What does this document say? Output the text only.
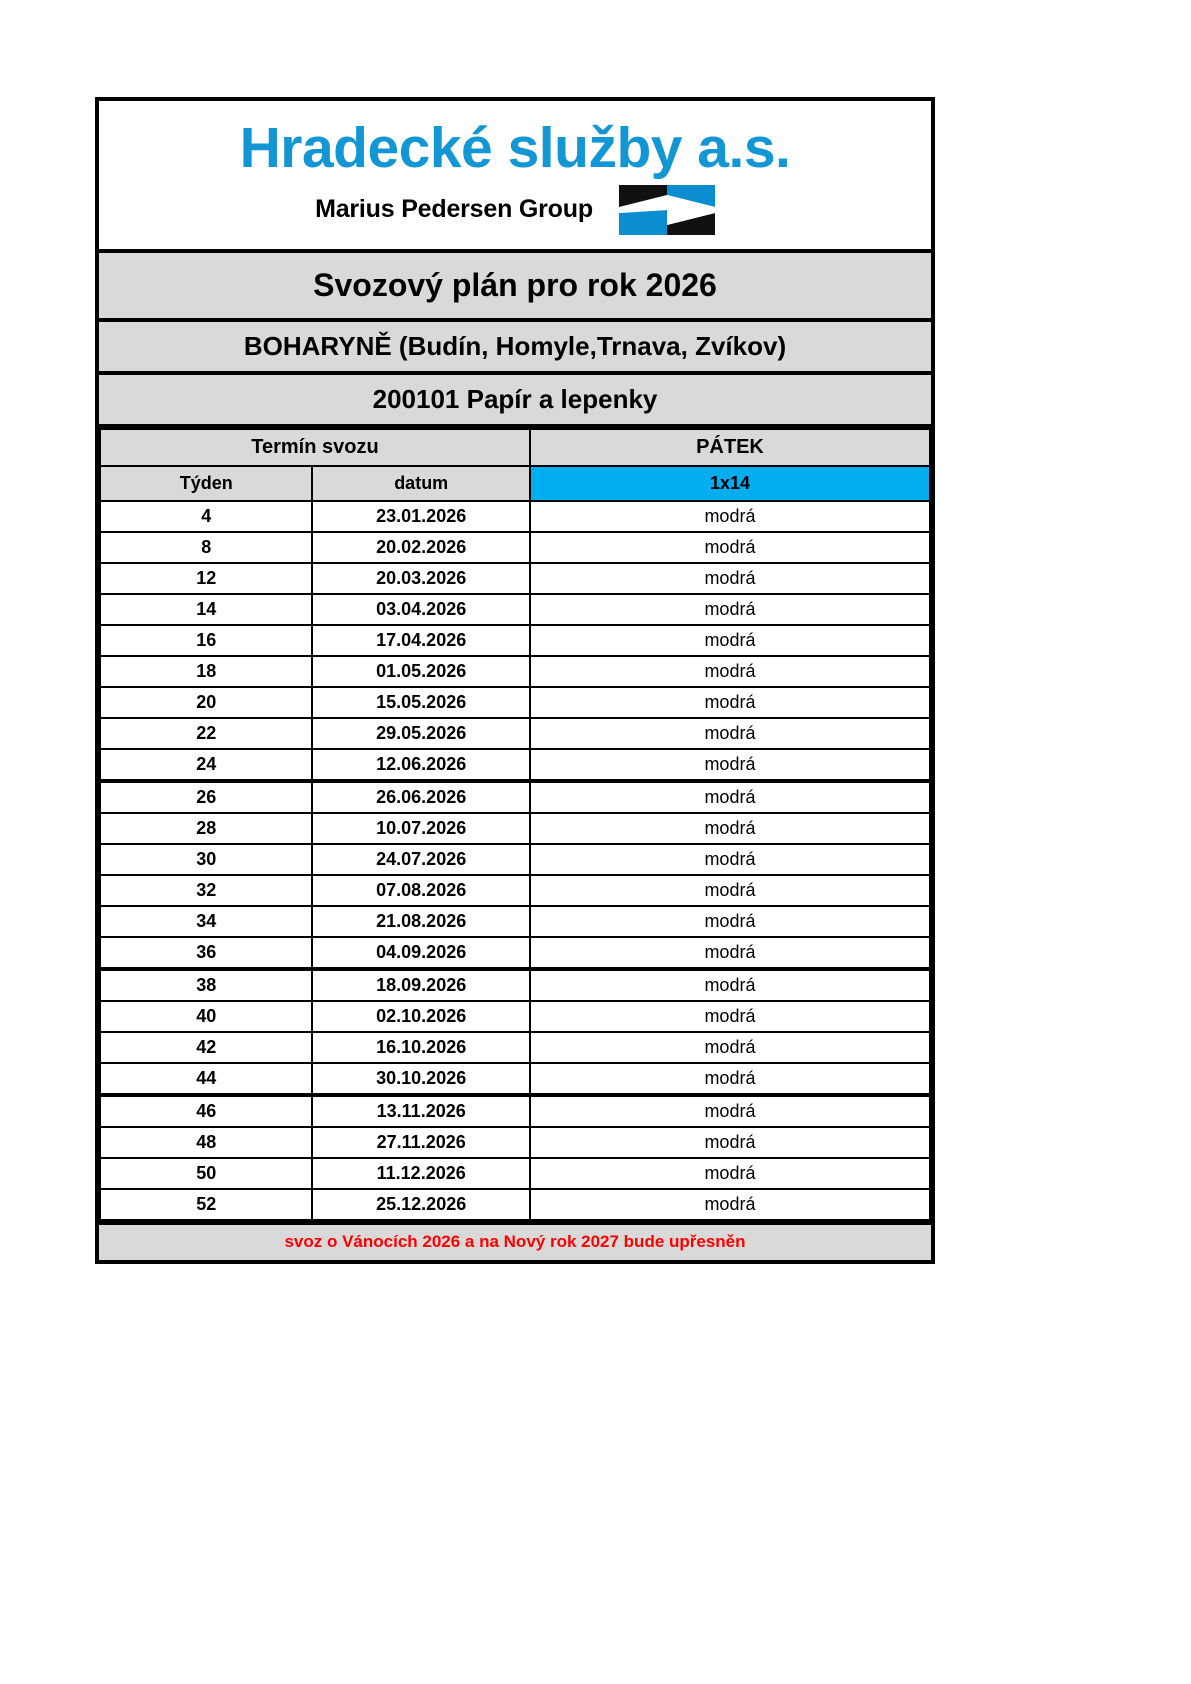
Hradecké služby a.s.
Marius Pedersen Group
Svozový plán pro rok 2026
BOHARYNĚ (Budín, Homyle,Trnava, Zvíkov)
200101 Papír a lepenky
Termín svozu		PÁTEK
Týden	datum	1x14
4	23.01.2026	modrá
8	20.02.2026	modrá
12	20.03.2026	modrá
14	03.04.2026	modrá
16	17.04.2026	modrá
18	01.05.2026	modrá
20	15.05.2026	modrá
22	29.05.2026	modrá
24	12.06.2026	modrá
26	26.06.2026	modrá
28	10.07.2026	modrá
30	24.07.2026	modrá
32	07.08.2026	modrá
34	21.08.2026	modrá
36	04.09.2026	modrá
38	18.09.2026	modrá
40	02.10.2026	modrá
42	16.10.2026	modrá
44	30.10.2026	modrá
46	13.11.2026	modrá
48	27.11.2026	modrá
50	11.12.2026	modrá
52	25.12.2026	modrá
svoz o Vánocích 2026 a na Nový rok 2027 bude upřesněn
